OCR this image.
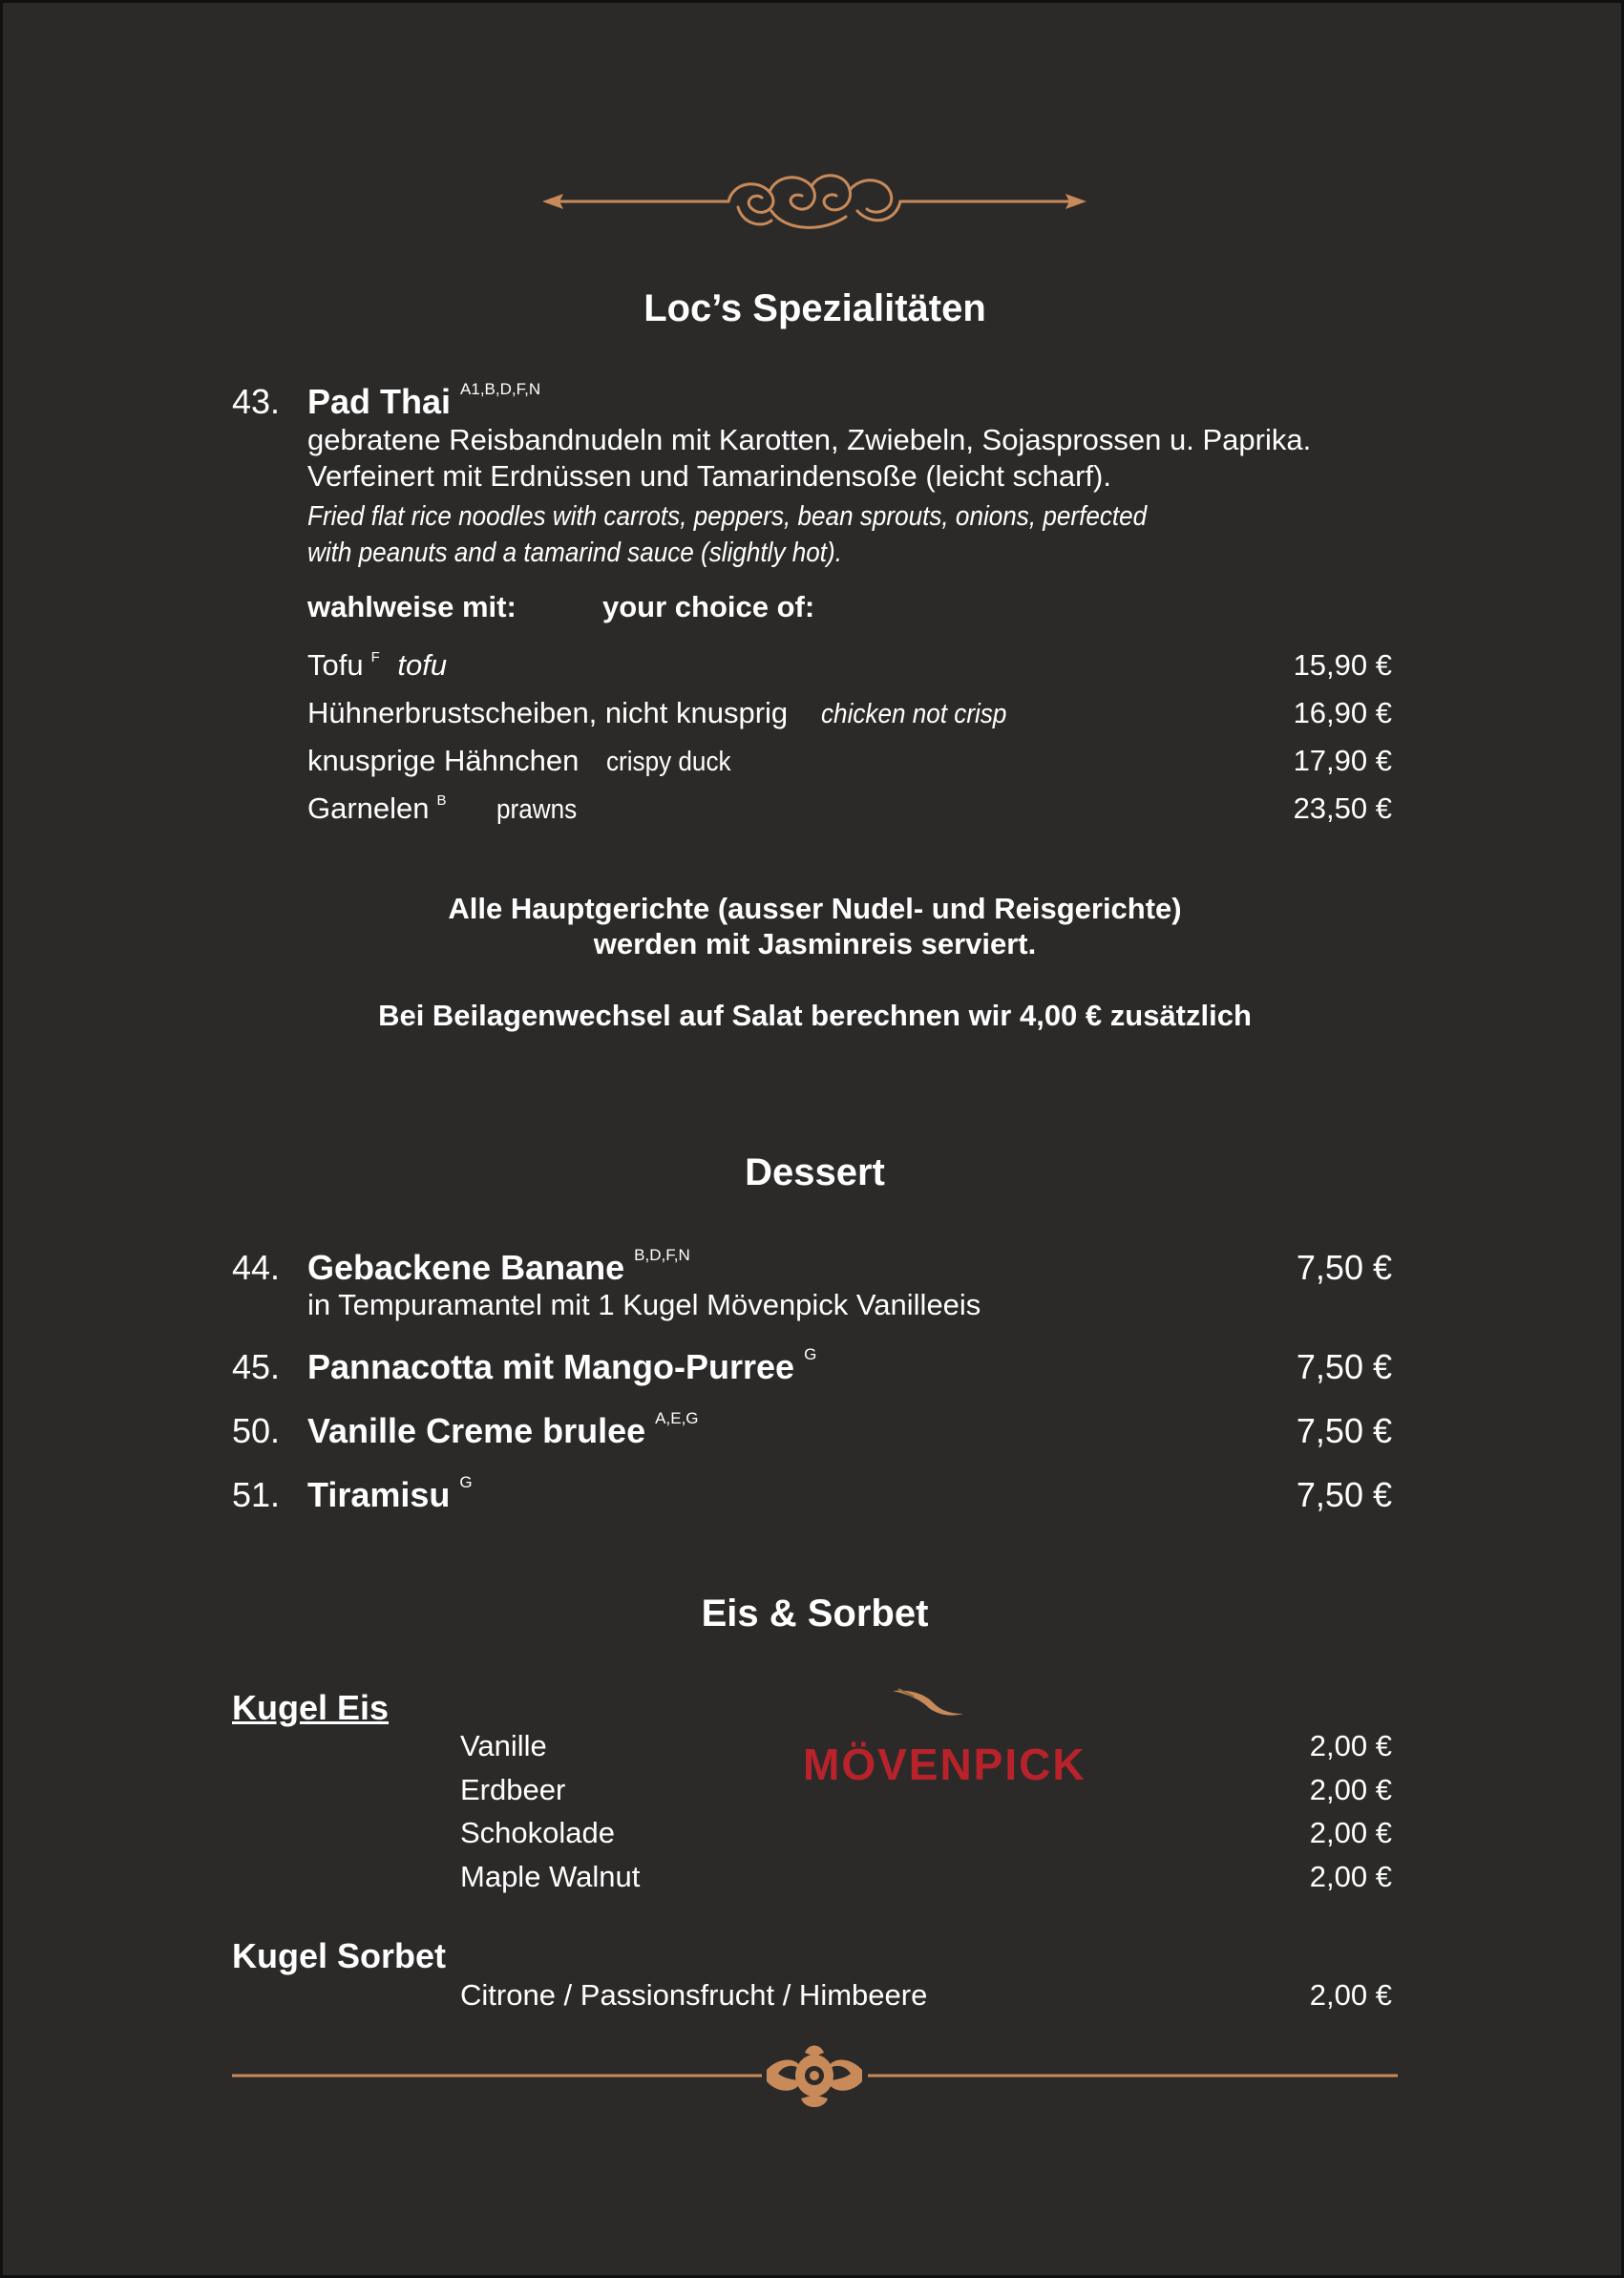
Loc’s Spezialitäten
43. Pad Thai $^{A1,B,D,F,N}$
gebratene Reisbandnudeln mit Karotten, Zwiebeln, Sojasprossen u. Paprika.
Verfeinert mit Erdnüssen und Tamarindensoße (leicht scharf).
Fried flat rice noodles with carrots, peppers, bean sprouts, onions, perfected
with peanuts and a tamarind sauce (slightly hot).
wahlweise mit:	your choice of:
Tofu $^F$ tofu	15,90 €
Hühnerbrustscheiben, nicht knusprig chicken not crisp	16,90 €
knusprige Hähnchen crispy duck	17,90 €
Garnelen $^B$ prawns	23,50 €
Alle Hauptgerichte (ausser Nudel- und Reisgerichte)
werden mit Jasminreis serviert.
Bei Beilagenwechsel auf Salat berechnen wir 4,00 € zusätzlich
Dessert
44. Gebackene Banane $^{B,D,F,N}$	7,50 €
in Tempuramantel mit 1 Kugel Mövenpick Vanilleeis
45. Pannacotta mit Mango-Purree $^G$	7,50 €
50. Vanille Creme brulee $^{A,E,G}$	7,50 €
51. Tiramisu $^G$	7,50 €
Eis & Sorbet
Kugel Eis
MÖVENPICK
Vanille	2,00 €
Erdbeer	2,00 €
Schokolade	2,00 €
Maple Walnut	2,00 €
Kugel Sorbet
Citrone / Passionsfrucht / Himbeere	2,00 €
